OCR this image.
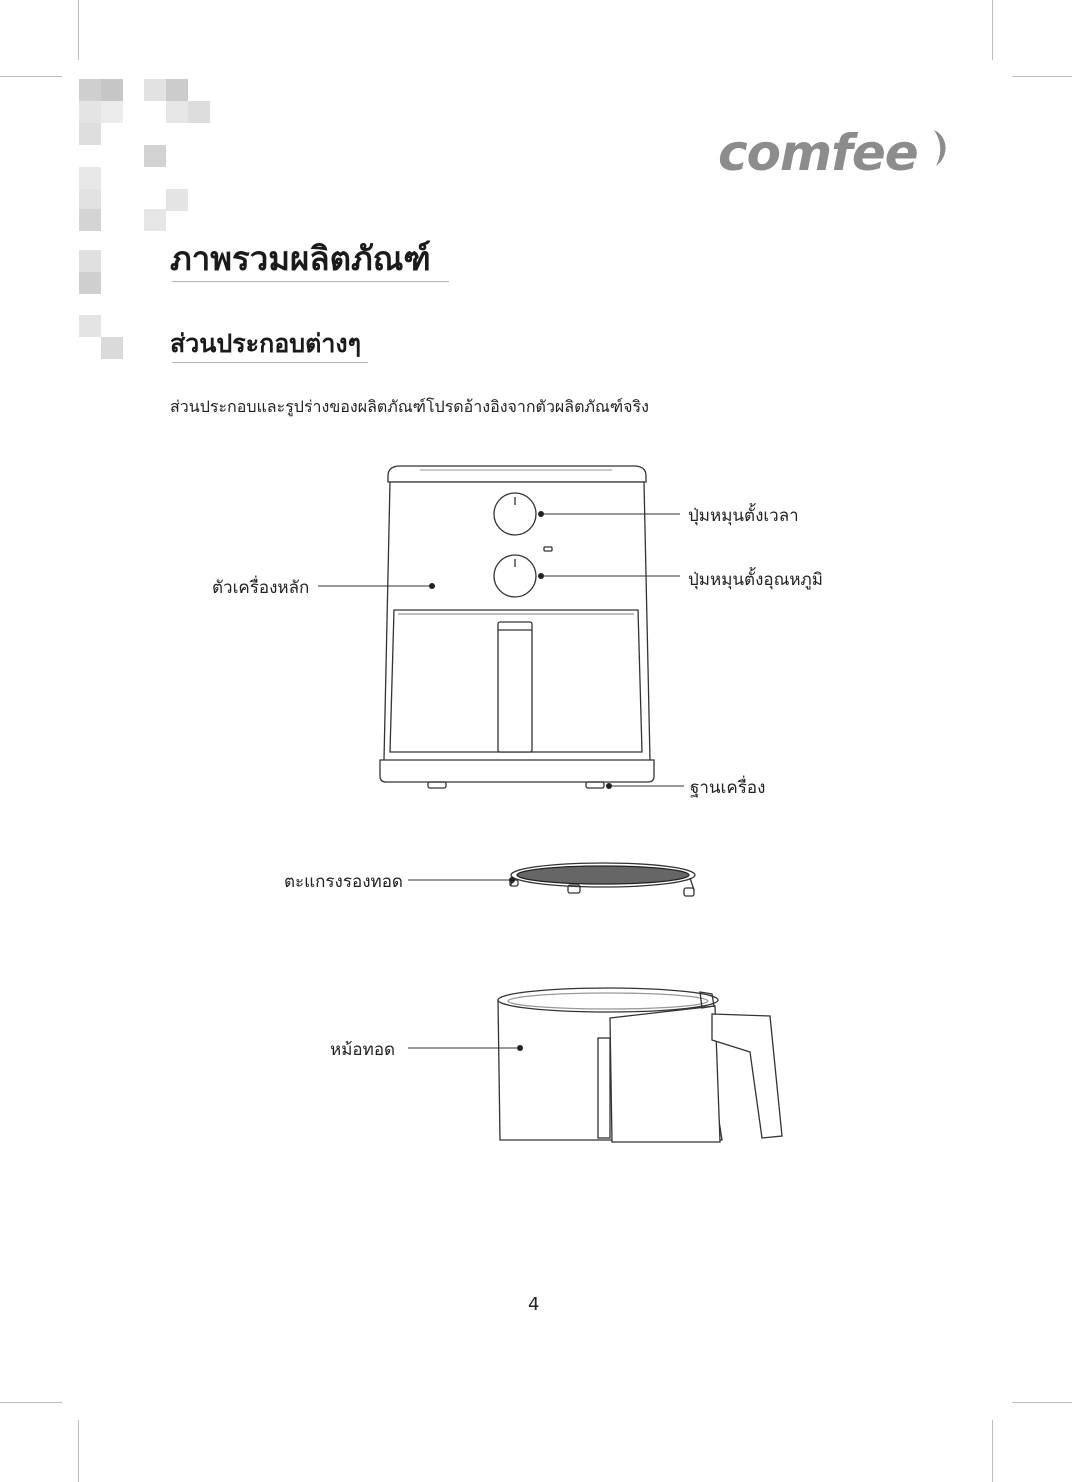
comfee
ภาพรวมผลิตภัณฑ์
ส่วนประกอบต่างๆ
ส่วนประกอบและรูปร่างของผลิตภัณฑ์โปรดอ้างอิงจากตัวผลิตภัณฑ์จริง
ปุ่มหมุนตั้งเวลา
ปุ่มหมุนตั้งอุณหภูมิ
ตัวเครื่องหลัก
ฐานเครื่อง
ตะแกรงรองทอด
หม้อทอด
4
